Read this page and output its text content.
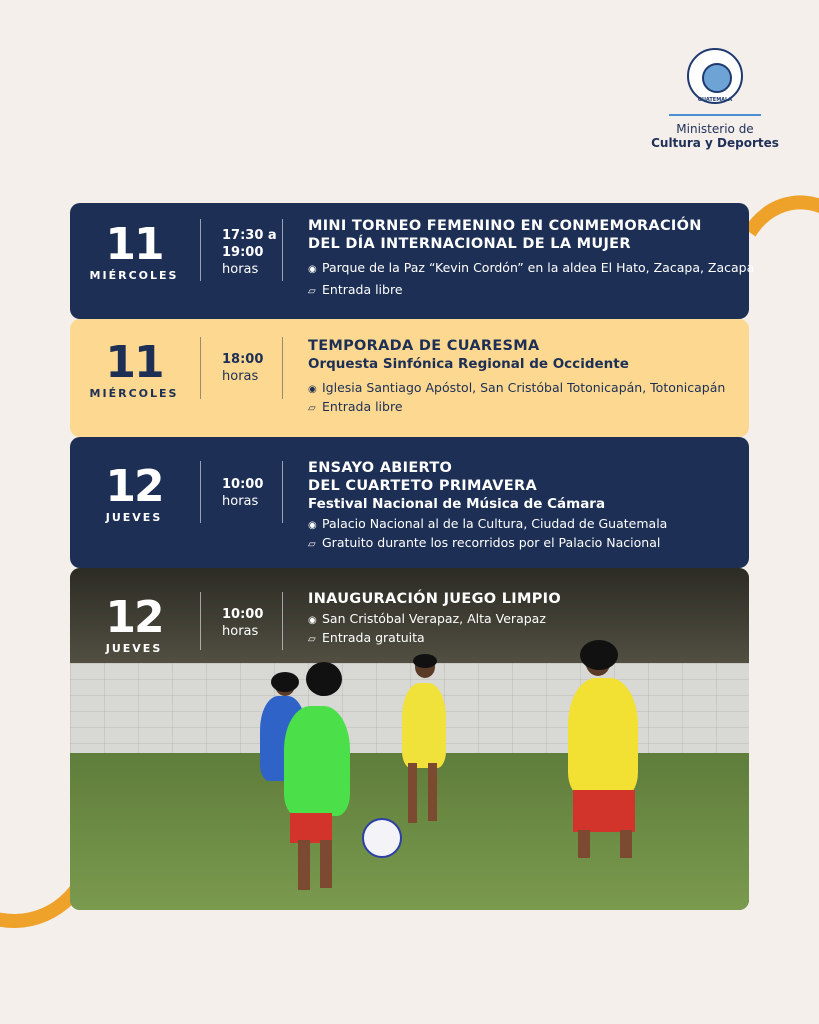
GUATEMALA
Ministerio de
Cultura y Deportes
11
MIÉRCOLES
17:30 a
19:00
horas
MINI TORNEO FEMENINO EN CONMEMORACIÓN
DEL DÍA INTERNACIONAL DE LA MUJER
◉ Parque de la Paz “Kevin Cordón” en la aldea El Hato, Zacapa, Zacapa
▱ Entrada libre
11
MIÉRCOLES
18:00
horas
TEMPORADA DE CUARESMA
Orquesta Sinfónica Regional de Occidente
◉ Iglesia Santiago Apóstol, San Cristóbal Totonicapán, Totonicapán
▱ Entrada libre
12
JUEVES
10:00
horas
ENSAYO ABIERTO
DEL CUARTETO PRIMAVERA
Festival Nacional de Música de Cámara
◉ Palacio Nacional al de la Cultura, Ciudad de Guatemala
▱ Gratuito durante los recorridos por el Palacio Nacional
12
JUEVES
10:00
horas
INAUGURACIÓN JUEGO LIMPIO
◉ San Cristóbal Verapaz, Alta Verapaz
▱ Entrada gratuita
